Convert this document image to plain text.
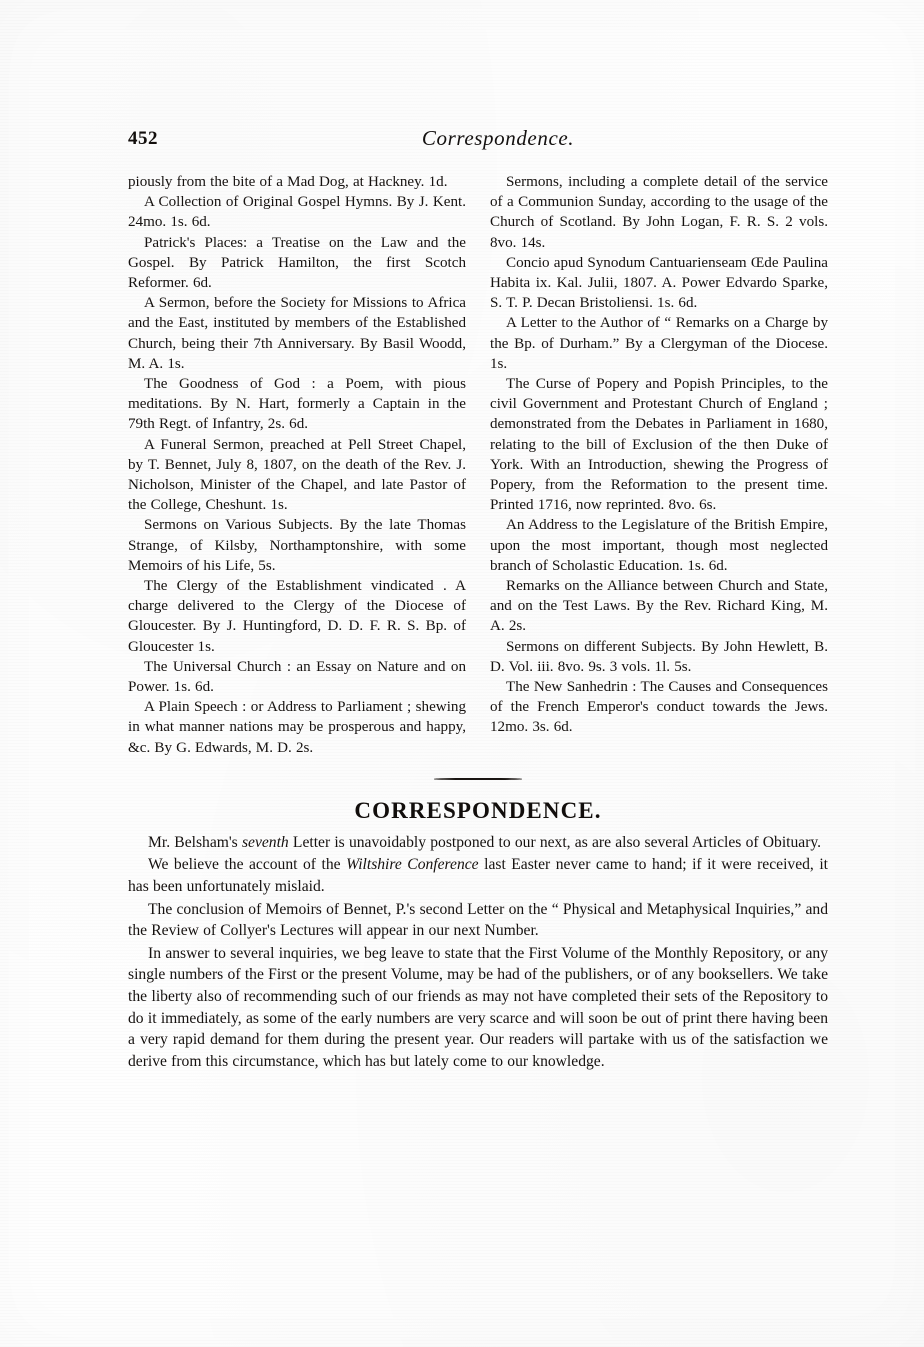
452	Correspondence.

piously from the bite of a Mad Dog, at Hackney. 1d.

A Collection of Original Gospel Hymns. By J. Kent. 24mo. 1s. 6d.

Patrick's Places: a Treatise on the Law and the Gospel. By Patrick Hamilton, the first Scotch Reformer. 6d.

A Sermon, before the Society for Missions to Africa and the East, instituted by members of the Established Church, being their 7th Anniversary. By Basil Woodd, M. A. 1s.

The Goodness of God : a Poem, with pious meditations. By N. Hart, formerly a Captain in the 79th Regt. of Infantry, 2s. 6d.

A Funeral Sermon, preached at Pell Street Chapel, by T. Bennet, July 8, 1807, on the death of the Rev. J. Nicholson, Minister of the Chapel, and late Pastor of the College, Cheshunt. 1s.

Sermons on Various Subjects. By the late Thomas Strange, of Kilsby, Northamptonshire, with some Memoirs of his Life, 5s.

The Clergy of the Establishment vindicated . A charge delivered to the Clergy of the Diocese of Gloucester. By J. Huntingford, D. D. F. R. S. Bp. of Gloucester 1s.

The Universal Church : an Essay on Nature and on Power. 1s. 6d.

A Plain Speech : or Address to Parliament ; shewing in what manner nations may be prosperous and happy, &c. By G. Edwards, M. D. 2s.

Sermons, including a complete detail of the service of a Communion Sunday, according to the usage of the Church of Scotland. By John Logan, F. R. S. 2 vols. 8vo. 14s.

Concio apud Synodum Cantuarienseam Œde Paulina Habita ix. Kal. Julii, 1807. A. Power Edvardo Sparke, S. T. P. Decan Bristoliensi. 1s. 6d.

A Letter to the Author of “ Remarks on a Charge by the Bp. of Durham.” By a Clergyman of the Diocese. 1s.

The Curse of Popery and Popish Principles, to the civil Government and Protestant Church of England ; demonstrated from the Debates in Parliament in 1680, relating to the bill of Exclusion of the then Duke of York. With an Introduction, shewing the Progress of Popery, from the Reformation to the present time. Printed 1716, now reprinted. 8vo. 6s.

An Address to the Legislature of the British Empire, upon the most important, though most neglected branch of Scholastic Education. 1s. 6d.

Remarks on the Alliance between Church and State, and on the Test Laws. By the Rev. Richard King, M. A. 2s.

Sermons on different Subjects. By John Hewlett, B. D. Vol. iii. 8vo. 9s. 3 vols. 1l. 5s.

The New Sanhedrin : The Causes and Consequences of the French Emperor's conduct towards the Jews. 12mo. 3s. 6d.

CORRESPONDENCE.

Mr. Belsham's seventh Letter is unavoidably postponed to our next, as are also several Articles of Obituary.

We believe the account of the Wiltshire Conference last Easter never came to hand; if it were received, it has been unfortunately mislaid.

The conclusion of Memoirs of Bennet, P.'s second Letter on the “ Physical and Metaphysical Inquiries,” and the Review of Collyer's Lectures will appear in our next Number.

In answer to several inquiries, we beg leave to state that the First Volume of the Monthly Repository, or any single numbers of the First or the present Volume, may be had of the publishers, or of any booksellers. We take the liberty also of recommending such of our friends as may not have completed their sets of the Repository to do it immediately, as some of the early numbers are very scarce and will soon be out of print there having been a very rapid demand for them during the present year. Our readers will partake with us of the satisfaction we derive from this circumstance, which has but lately come to our knowledge.
